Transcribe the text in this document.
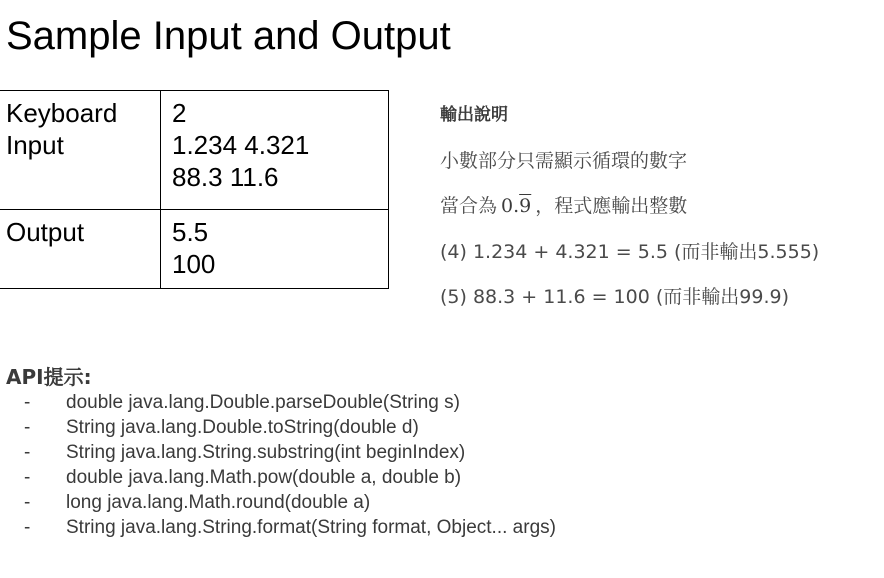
Sample Input and Output
Keyboard
Input	2
1.234 4.321
88.3 11.6

Output	5.5
100
輸出說明
小數部分只需顯示循環的數字
當合為 0.9 ，程式應輸出整數
(4) 1.234 + 4.321 = 5.5 (而非輸出5.555)
(5) 88.3 + 11.6 = 100 (而非輸出99.9)
API提示:
- double java.lang.Double.parseDouble(String s)
- String java.lang.Double.toString(double d)
- String java.lang.String.substring(int beginIndex)
- double java.lang.Math.pow(double a, double b)
- long java.lang.Math.round(double a)
- String java.lang.String.format(String format, Object... args)
